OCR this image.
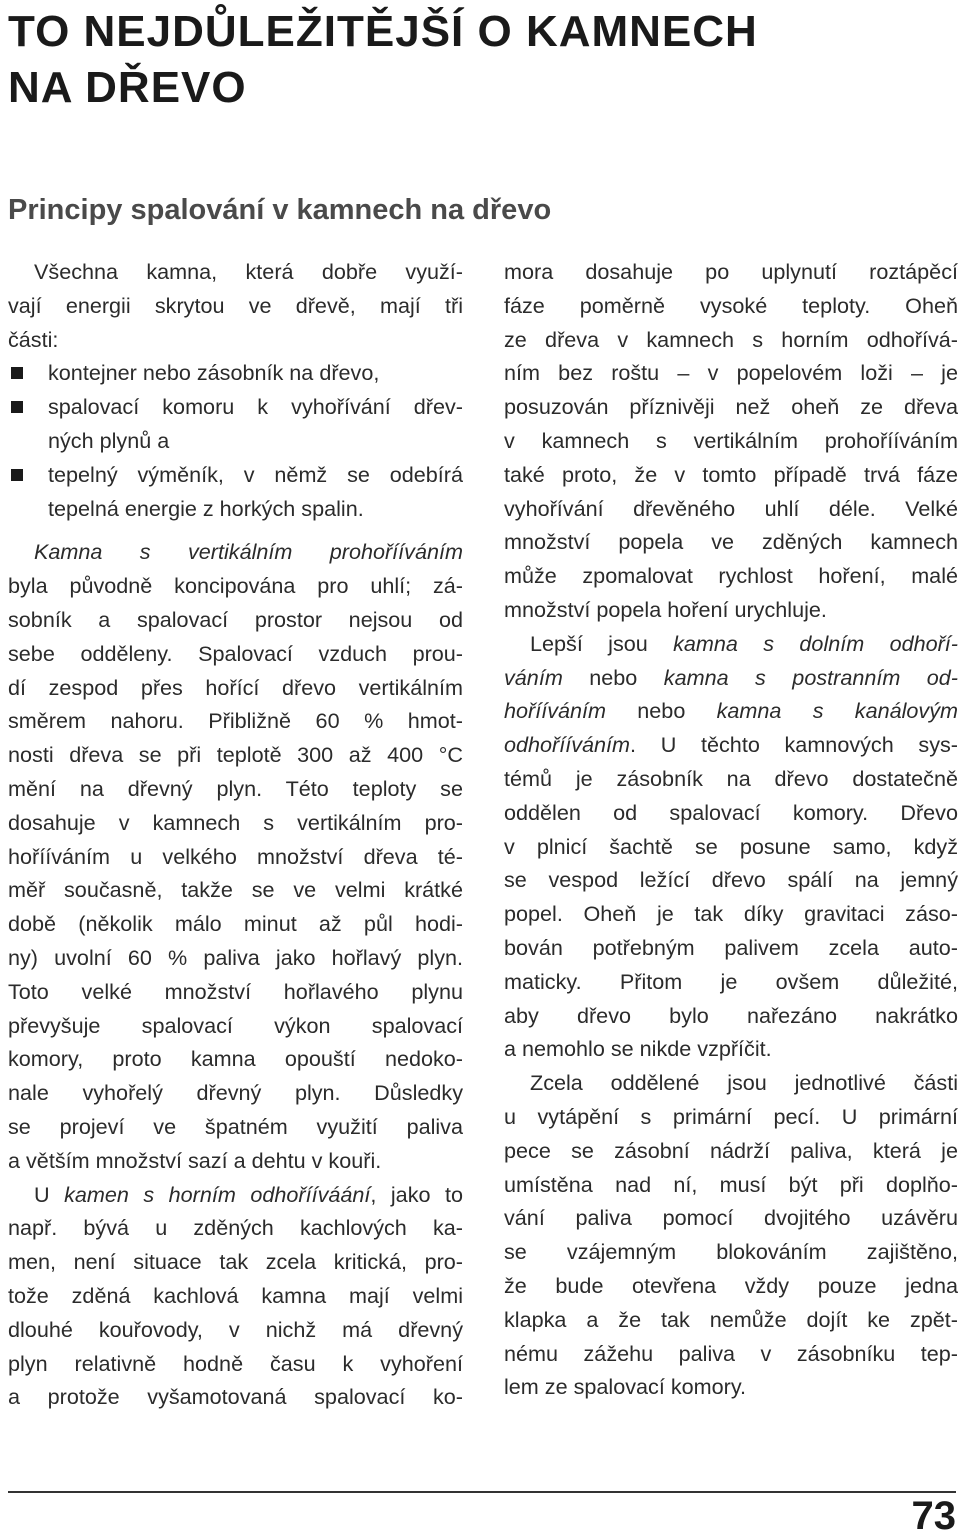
TO NEJDŮLEŽITĚJŠÍ O KAMNECH
NA DŘEVO
Principy spalování v kamnech na dřevo
Všechna kamna, která dobře využí-
vají energii skrytou ve dřevě, mají tři
části:
kontejner nebo zásobník na dřevo,
spalovací komoru k vyhořívání dřev-
ných plynů a
tepelný výměník, v němž se odebírá
tepelná energie z horkých spalin.
Kamna s vertikálním prohořííváním
byla původně koncipována pro uhlí; zá-
sobník a spalovací prostor nejsou od
sebe odděleny. Spalovací vzduch prou-
dí zespod přes hořící dřevo vertikálním
směrem nahoru. Přibližně 60 % hmot-
nosti dřeva se při teplotě 300 až 400 °C
mění na dřevný plyn. Této teploty se
dosahuje v kamnech s vertikálním pro-
hořííváním u velkého množství dřeva té-
měř současně, takže se ve velmi krátké
době (několik málo minut až půl hodi-
ny) uvolní 60 % paliva jako hořlavý plyn.
Toto velké množství hořlavého plynu
převyšuje spalovací výkon spalovací
komory, proto kamna opouští nedoko-
nale vyhořelý dřevný plyn. Důsledky
se projeví ve špatném využití paliva
a větším množství sazí a dehtu v kouři.
U kamen s horním odhořííváání, jako to
např. bývá u zděných kachlových ka-
men, není situace tak zcela kritická, pro-
tože zděná kachlová kamna mají velmi
dlouhé kouřovody, v nichž má dřevný
plyn relativně hodně času k vyhoření
a protože vyšamotovaná spalovací ko-
mora dosahuje po uplynutí roztápěcí
fáze poměrně vysoké teploty. Oheň
ze dřeva v kamnech s horním odhořívá-
ním bez roštu – v popelovém loži – je
posuzován příznivěji než oheň ze dřeva
v kamnech s vertikálním prohořííváním
také proto, že v tomto případě trvá fáze
vyhořívání dřevěného uhlí déle. Velké
množství popela ve zděných kamnech
může zpomalovat rychlost hoření, malé
množství popela hoření urychluje.
Lepší jsou kamna s dolním odhoří-
váním nebo kamna s postranním od-
hořííváním nebo kamna s kanálovým
odhořííváním. U těchto kamnových sys-
témů je zásobník na dřevo dostatečně
oddělen od spalovací komory. Dřevo
v plnicí šachtě se posune samo, když
se vespod ležící dřevo spálí na jemný
popel. Oheň je tak díky gravitaci záso-
bován potřebným palivem zcela auto-
maticky. Přitom je ovšem důležité,
aby dřevo bylo nařezáno nakrátko
a nemohlo se nikde vzpříčit.
Zcela oddělené jsou jednotlivé části
u vytápění s primární pecí. U primární
pece se zásobní nádrží paliva, která je
umístěna nad ní, musí být při doplňo-
vání paliva pomocí dvojitého uzávěru
se vzájemným blokováním zajištěno,
že bude otevřena vždy pouze jedna
klapka a že tak nemůže dojít ke zpět-
nému zážehu paliva v zásobníku tep-
lem ze spalovací komory.
73
